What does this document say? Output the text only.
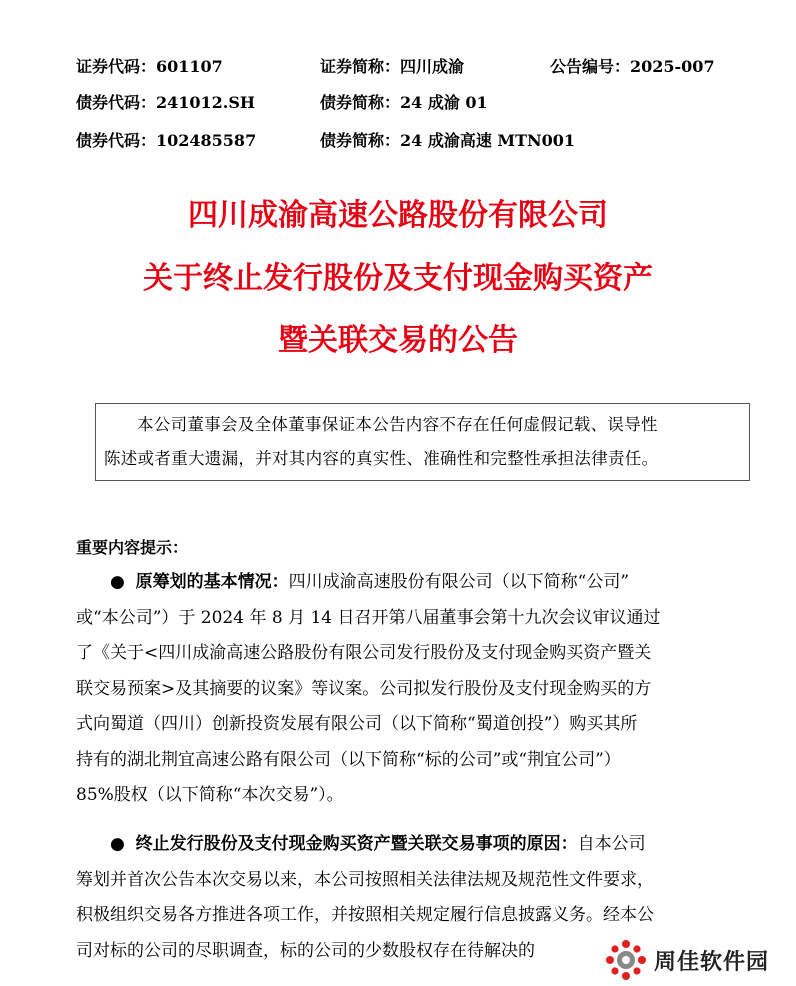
证券代码：601107	证券简称：四川成渝	公告编号：2025-007
债券代码：241012.SH	债券简称：24 成渝 01
债券代码：102485587	债券简称：24 成渝高速 MTN001
四川成渝高速公路股份有限公司
关于终止发行股份及支付现金购买资产
暨关联交易的公告

本公司董事会及全体董事保证本公告内容不存在任何虚假记载、误导性

陈述或者重大遗漏，并对其内容的真实性、准确性和完整性承担法律责任。

重要内容提示：
● 原筹划的基本情况：四川成渝高速股份有限公司（以下简称“公司”
或“本公司”）于 2024 年 8 月 14 日召开第八届董事会第十九次会议审议通过
了《关于<四川成渝高速公路股份有限公司发行股份及支付现金购买资产暨关
联交易预案>及其摘要的议案》等议案。公司拟发行股份及支付现金购买的方
式向蜀道（四川）创新投资发展有限公司（以下简称“蜀道创投”）购买其所
持有的湖北荆宜高速公路有限公司（以下简称“标的公司”或“荆宜公司”）
85%股权（以下简称“本次交易”）。
● 终止发行股份及支付现金购买资产暨关联交易事项的原因：自本公司
筹划并首次公告本次交易以来，本公司按照相关法律法规及规范性文件要求，
积极组织交易各方推进各项工作，并按照相关规定履行信息披露义务。经本公
司对标的公司的尽职调查，标的公司的少数股权存在待解决的	周佳软件园
